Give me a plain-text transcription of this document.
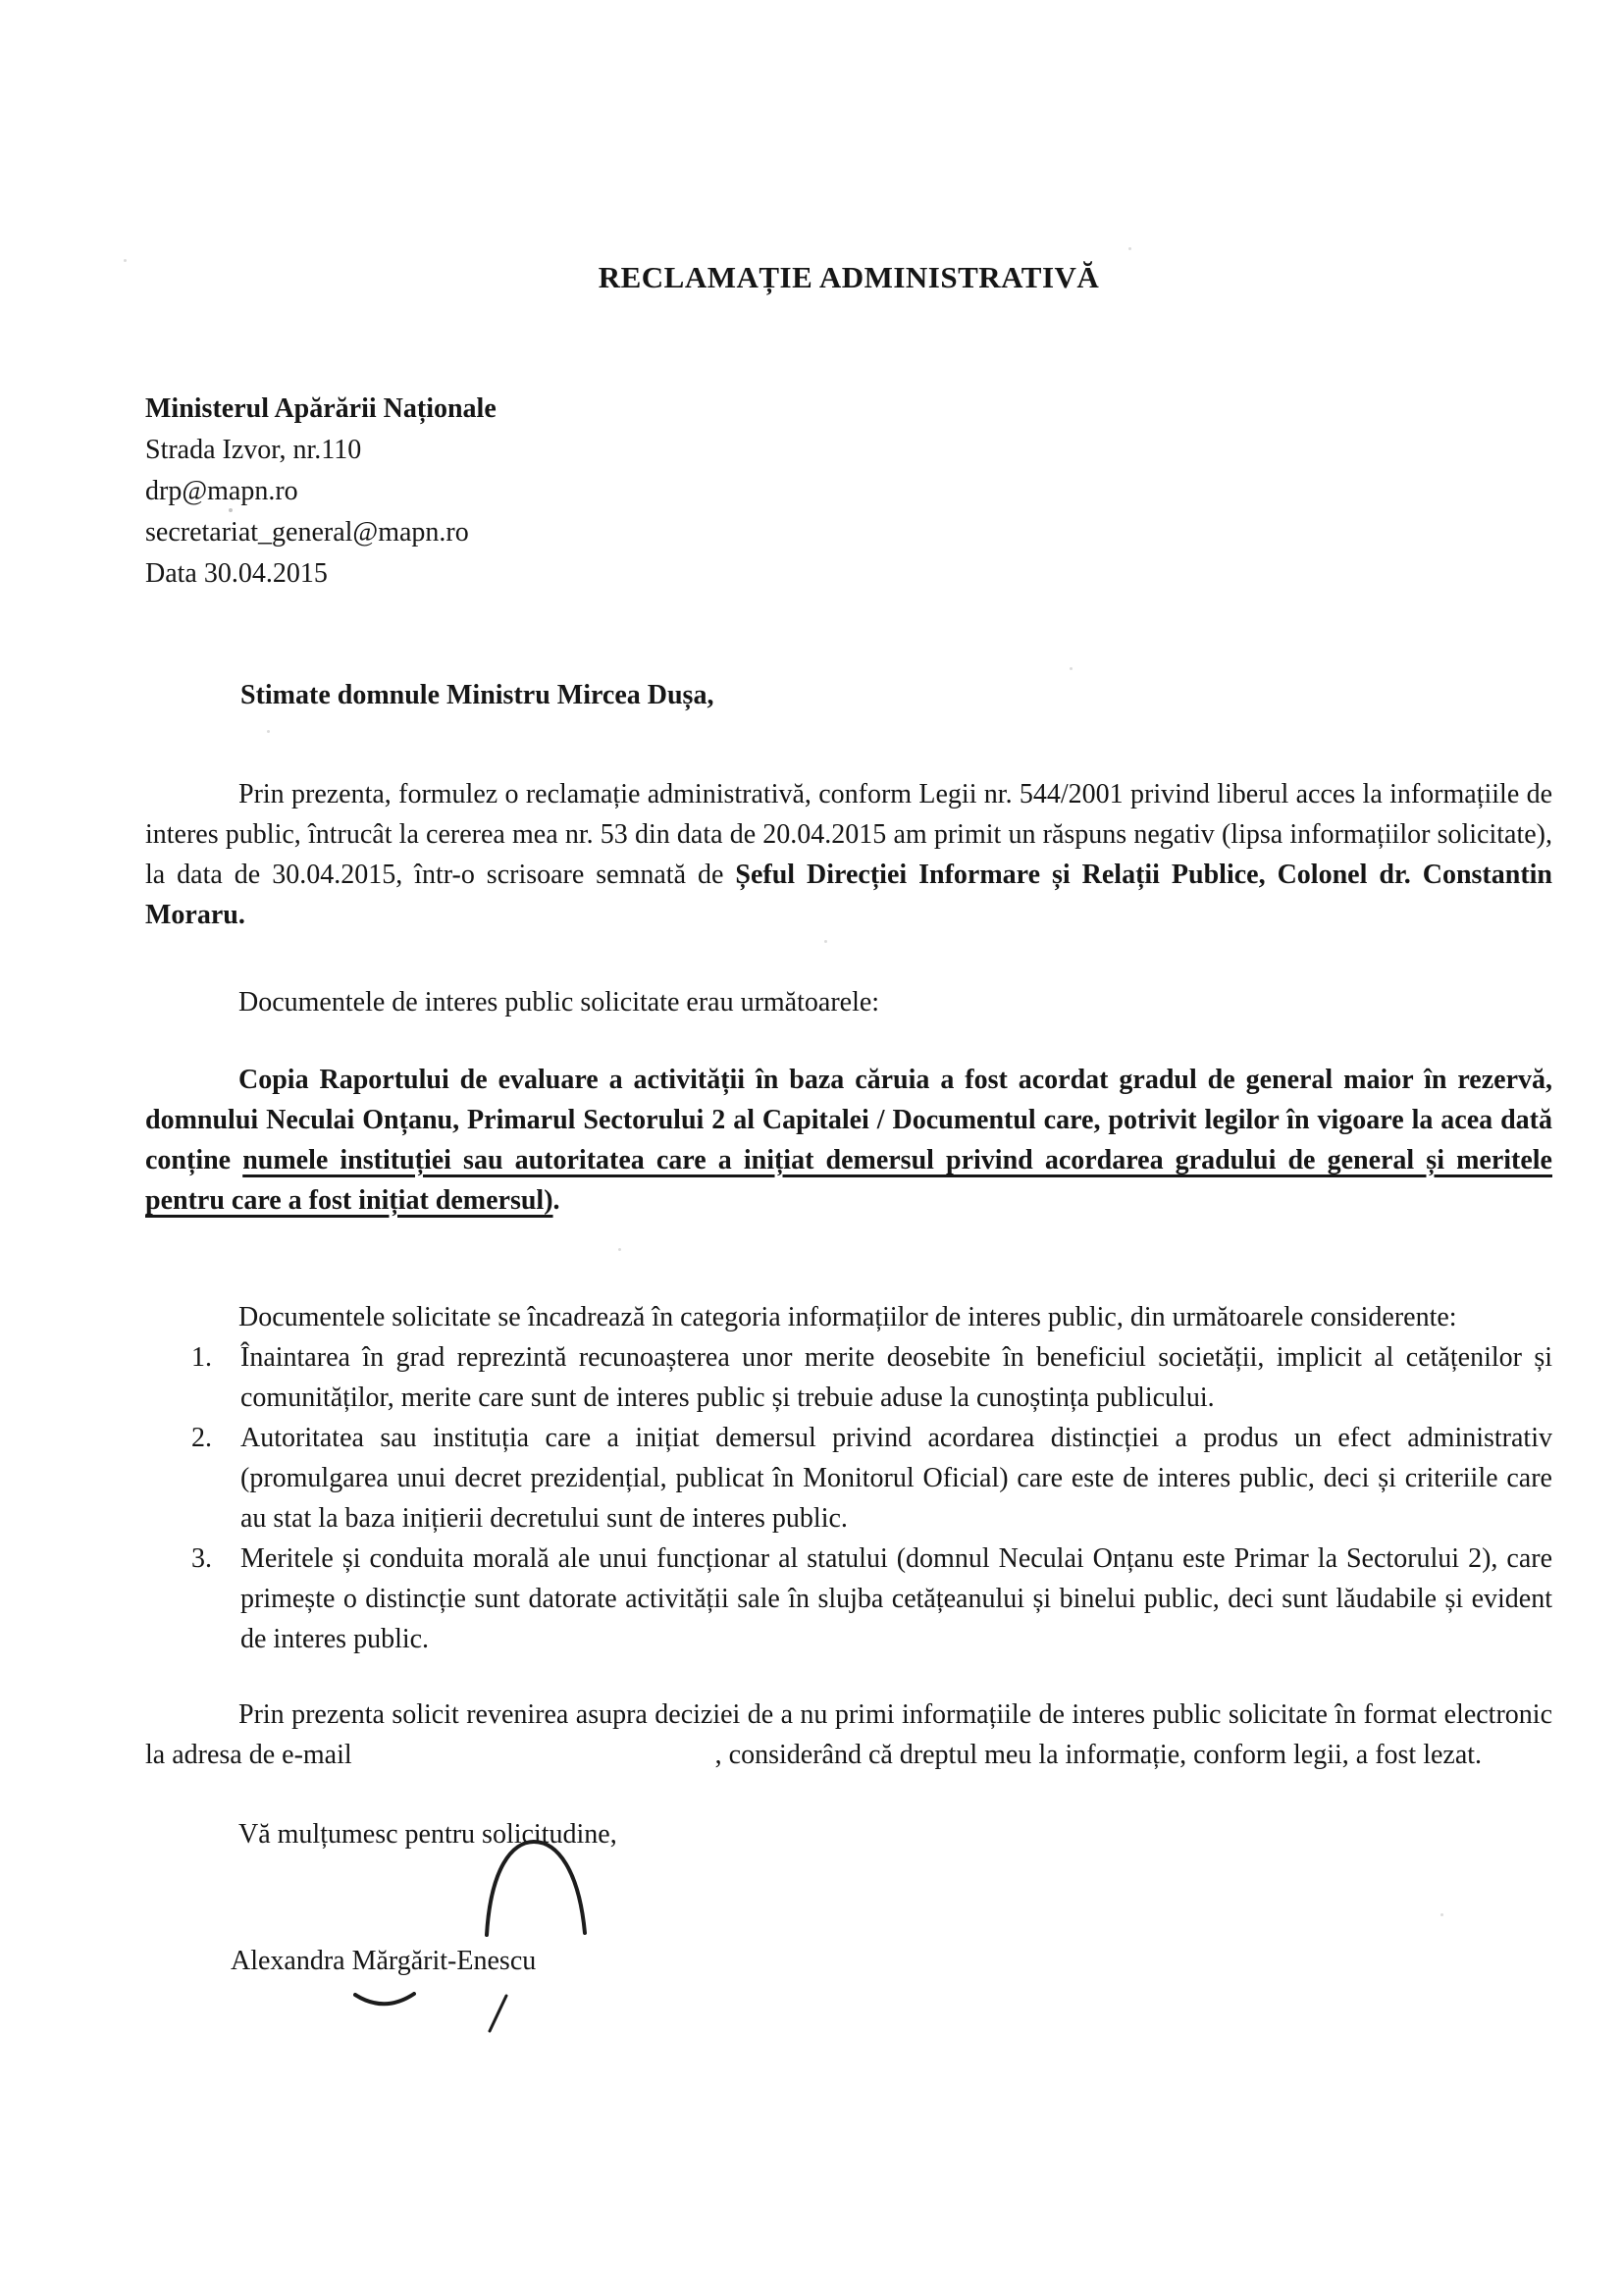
RECLAMAȚIE ADMINISTRATIVĂ
Ministerul Apărării Naționale
Strada Izvor, nr.110
drp@mapn.ro
secretariat_general@mapn.ro
Data 30.04.2015

Stimate domnule Ministru Mircea Dușa,

Prin prezenta, formulez o reclamație administrativă, conform Legii nr. 544/2001 privind liberul acces la informațiile de interes public, întrucât la cererea mea nr. 53 din data de 20.04.2015 am primit un răspuns negativ (lipsa informațiilor solicitate), la data de 30.04.2015, într-o scrisoare semnată de Șeful Direcției Informare și Relații Publice, Colonel dr. Constantin Moraru.

Documentele de interes public solicitate erau următoarele:

Copia Raportului de evaluare a activității în baza căruia a fost acordat gradul de general maior în rezervă, domnului Neculai Onțanu, Primarul Sectorului 2 al Capitalei / Documentul care, potrivit legilor în vigoare la acea dată conține numele instituției sau autoritatea care a inițiat demersul privind acordarea gradului de general și meritele pentru care a fost inițiat demersul).

Documentele solicitate se încadrează în categoria informațiilor de interes public, din următoarele considerente:

1.	Înaintarea în grad reprezintă recunoașterea unor merite deosebite în beneficiul societății, implicit al cetățenilor și comunităților, merite care sunt de interes public și trebuie aduse la cunoștința publicului.
2.	Autoritatea sau instituția care a inițiat demersul privind acordarea distincției a produs un efect administrativ (promulgarea unui decret prezidențial, publicat în Monitorul Oficial) care este de interes public, deci și criteriile care au stat la baza inițierii decretului sunt de interes public.
3.	Meritele și conduita morală ale unui funcționar al statului (domnul Neculai Onțanu este Primar la Sectorului 2), care primește o distincție sunt datorate activității sale în slujba cetățeanului și binelui public, deci sunt lăudabile și evident de interes public.

Prin prezenta solicit revenirea asupra deciziei de a nu primi informațiile de interes public solicitate în format electronic la adresa de e-mail	, considerând că dreptul meu la informație, conform legii, a fost lezat.

Vă mulțumesc pentru solicitudine,

Alexandra Mărgărit-Enescu
